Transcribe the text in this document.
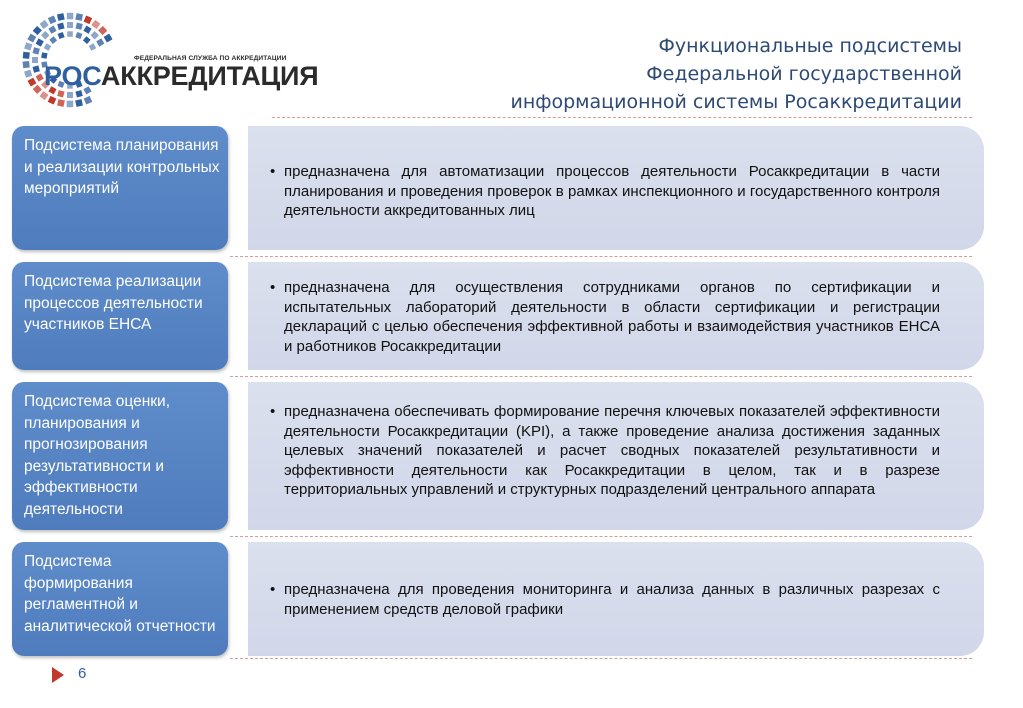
ФЕДЕРАЛЬНАЯ СЛУЖБА ПО АККРЕДИТАЦИИ
РОСАККРЕДИТАЦИЯ
Функциональные подсистемы
Федеральной государственной
информационной системы Росаккредитации
Подсистема планирования и реализации контрольных мероприятий
• предназначена для автоматизации процессов деятельности Росаккредитации в части планирования и проведения проверок в рамках инспекционного и государственного контроля деятельности аккредитованных лиц
Подсистема реализации процессов деятельности участников ЕНСА
• предназначена для осуществления сотрудниками органов по сертификации и испытательных лабораторий деятельности в области сертификации и регистрации деклараций с целью обеспечения эффективной работы и взаимодействия участников ЕНСА и работников Росаккредитации
Подсистема оценки, планирования и прогнозирования результативности и эффективности деятельности
• предназначена обеспечивать формирование перечня ключевых показателей эффективности деятельности Росаккредитации (KPI), а также проведение анализа достижения заданных целевых значений показателей и расчет сводных показателей результативности и эффективности деятельности как Росаккредитации в целом, так и в разрезе территориальных управлений и структурных подразделений центрального аппарата
Подсистема формирования регламентной и аналитической отчетности
• предназначена для проведения мониторинга и анализа данных в различных разрезах с применением средств деловой графики
6
